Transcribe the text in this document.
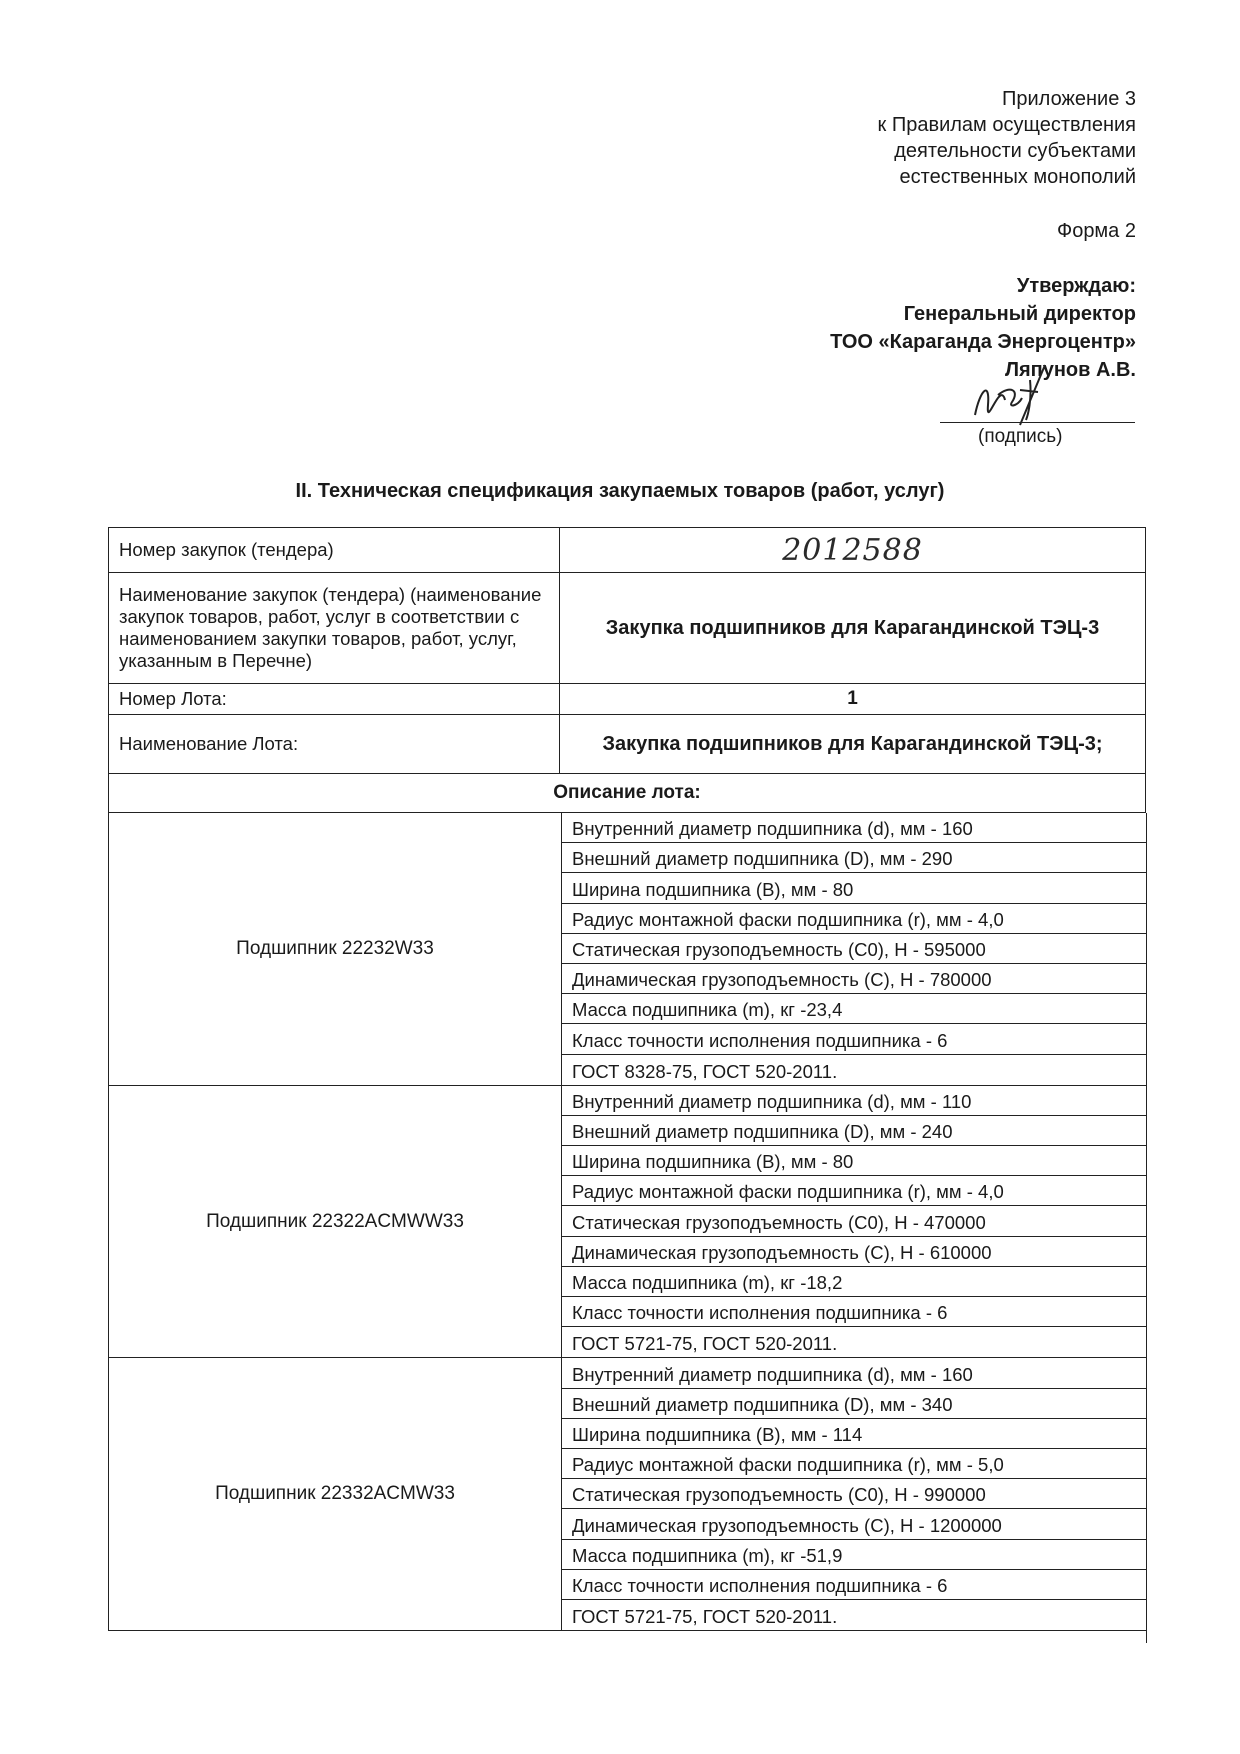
Приложение 3
к Правилам осуществления
деятельности субъектами
естественных монополий
Форма 2
Утверждаю:
Генеральный директор
ТОО «Караганда Энергоцентр»
Ляпунов А.В.
(подпись)
II. Техническая спецификация закупаемых товаров (работ, услуг)
Номер закупок (тендера)	2012588
Наименование закупок (тендера) (наименование закупок товаров, работ, услуг в соответствии с наименованием закупки товаров, работ, услуг, указанным в Перечне)	Закупка подшипников для Карагандинской ТЭЦ-3
Номер Лота:	1
Наименование Лота:	Закупка подшипников для Карагандинской ТЭЦ-3;
Описание лота:	
Подшипник 22232W33
Внутренний диаметр подшипника (d), мм - 160
Внешний диаметр подшипника (D), мм - 290
Ширина подшипника (B), мм - 80
Радиус монтажной фаски подшипника (r), мм - 4,0
Статическая грузоподъемность (C0), Н - 595000
Динамическая грузоподъемность (C), Н - 780000
Масса подшипника (m), кг -23,4
Класс точности исполнения подшипника - 6
ГОСТ 8328-75, ГОСТ 520-2011.
Подшипник 22322ACMWW33
Внутренний диаметр подшипника (d), мм - 110
Внешний диаметр подшипника (D), мм - 240
Ширина подшипника (B), мм - 80
Радиус монтажной фаски подшипника (r), мм - 4,0
Статическая грузоподъемность (C0), Н - 470000
Динамическая грузоподъемность (C), Н - 610000
Масса подшипника (m), кг -18,2
Класс точности исполнения подшипника - 6
ГОСТ 5721-75, ГОСТ 520-2011.
Подшипник 22332ACMW33
Внутренний диаметр подшипника (d), мм - 160
Внешний диаметр подшипника (D), мм - 340
Ширина подшипника (B), мм - 114
Радиус монтажной фаски подшипника (r), мм - 5,0
Статическая грузоподъемность (C0), Н - 990000
Динамическая грузоподъемность (C), Н - 1200000
Масса подшипника (m), кг -51,9
Класс точности исполнения подшипника - 6
ГОСТ 5721-75, ГОСТ 520-2011.
